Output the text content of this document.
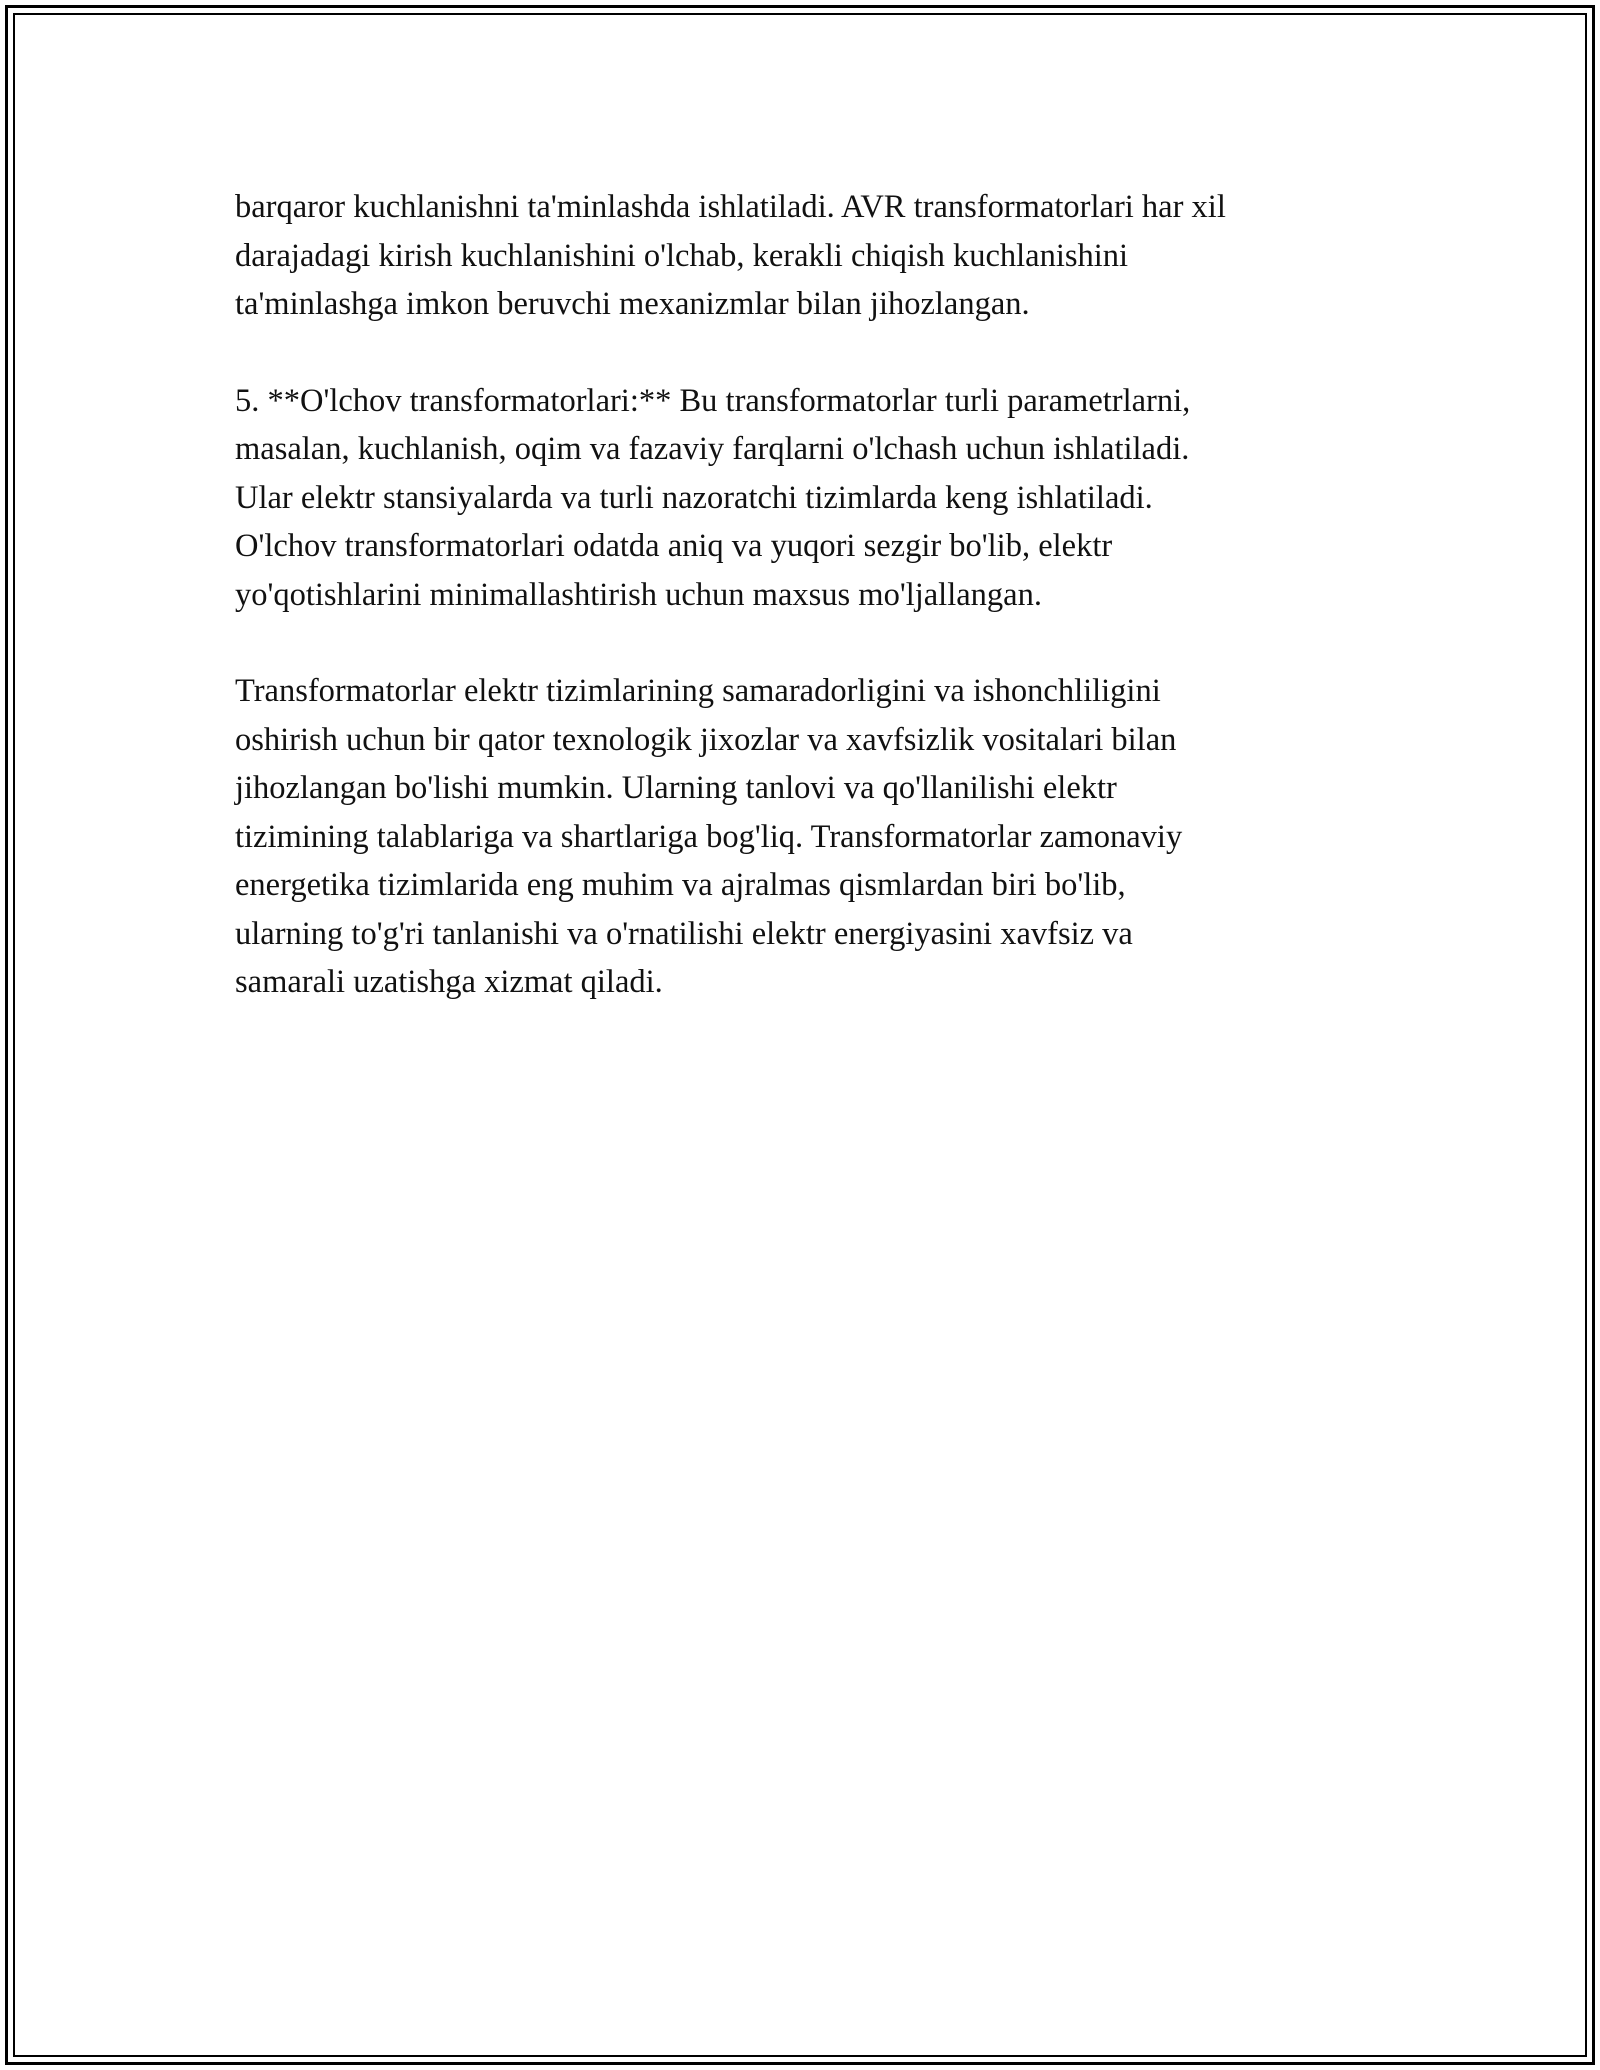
barqaror kuchlanishni ta'minlashda ishlatiladi. AVR transformatorlari har xil
darajadagi kirish kuchlanishini o'lchab, kerakli chiqish kuchlanishini
ta'minlashga imkon beruvchi mexanizmlar bilan jihozlangan.

5. **O'lchov transformatorlari:** Bu transformatorlar turli parametrlarni,
masalan, kuchlanish, oqim va fazaviy farqlarni o'lchash uchun ishlatiladi.
Ular elektr stansiyalarda va turli nazoratchi tizimlarda keng ishlatiladi.
O'lchov transformatorlari odatda aniq va yuqori sezgir bo'lib, elektr
yo'qotishlarini minimallashtirish uchun maxsus mo'ljallangan.

Transformatorlar elektr tizimlarining samaradorligini va ishonchliligini
oshirish uchun bir qator texnologik jixozlar va xavfsizlik vositalari bilan
jihozlangan bo'lishi mumkin. Ularning tanlovi va qo'llanilishi elektr
tizimining talablariga va shartlariga bog'liq. Transformatorlar zamonaviy
energetika tizimlarida eng muhim va ajralmas qismlardan biri bo'lib,
ularning to'g'ri tanlanishi va o'rnatilishi elektr energiyasini xavfsiz va
samarali uzatishga xizmat qiladi.
